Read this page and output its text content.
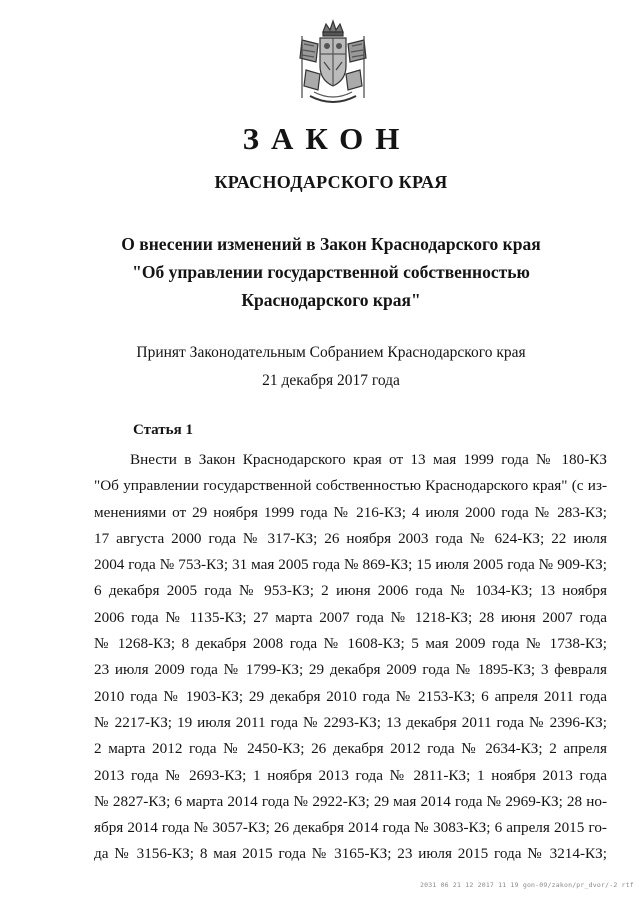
ЗАКОН
КРАСНОДАРСКОГО КРАЯ
О внесении изменений в Закон Краснодарского края
"Об управлении государственной собственностью
Краснодарского края"
Принят Законодательным Собранием Краснодарского края
21 декабря 2017 года
Статья 1
Внести в Закон Краснодарского края от 13 мая 1999 года № 180-КЗ
"Об управлении государственной собственностью Краснодарского края" (с из-
менениями от 29 ноября 1999 года № 216-КЗ; 4 июля 2000 года № 283-КЗ;
17 августа 2000 года № 317-КЗ; 26 ноября 2003 года № 624-КЗ; 22 июля
2004 года № 753-КЗ; 31 мая 2005 года № 869-КЗ; 15 июля 2005 года № 909-КЗ;
6 декабря 2005 года № 953-КЗ; 2 июня 2006 года № 1034-КЗ; 13 ноября
2006 года № 1135-КЗ; 27 марта 2007 года № 1218-КЗ; 28 июня 2007 года
№ 1268-КЗ; 8 декабря 2008 года № 1608-КЗ; 5 мая 2009 года № 1738-КЗ;
23 июля 2009 года № 1799-КЗ; 29 декабря 2009 года № 1895-КЗ; 3 февраля
2010 года № 1903-КЗ; 29 декабря 2010 года № 2153-КЗ; 6 апреля 2011 года
№ 2217-КЗ; 19 июля 2011 года № 2293-КЗ; 13 декабря 2011 года № 2396-КЗ;
2 марта 2012 года № 2450-КЗ; 26 декабря 2012 года № 2634-КЗ; 2 апреля
2013 года № 2693-КЗ; 1 ноября 2013 года № 2811-КЗ; 1 ноября 2013 года
№ 2827-КЗ; 6 марта 2014 года № 2922-КЗ; 29 мая 2014 года № 2969-КЗ; 28 но-
ября 2014 года № 3057-КЗ; 26 декабря 2014 года № 3083-КЗ; 6 апреля 2015 го-
да № 3156-КЗ; 8 мая 2015 года № 3165-КЗ; 23 июля 2015 года № 3214-КЗ;
2031 06 21 12 2017 11 19 gon-09/zakon/pr_dvor/-2 rtf
